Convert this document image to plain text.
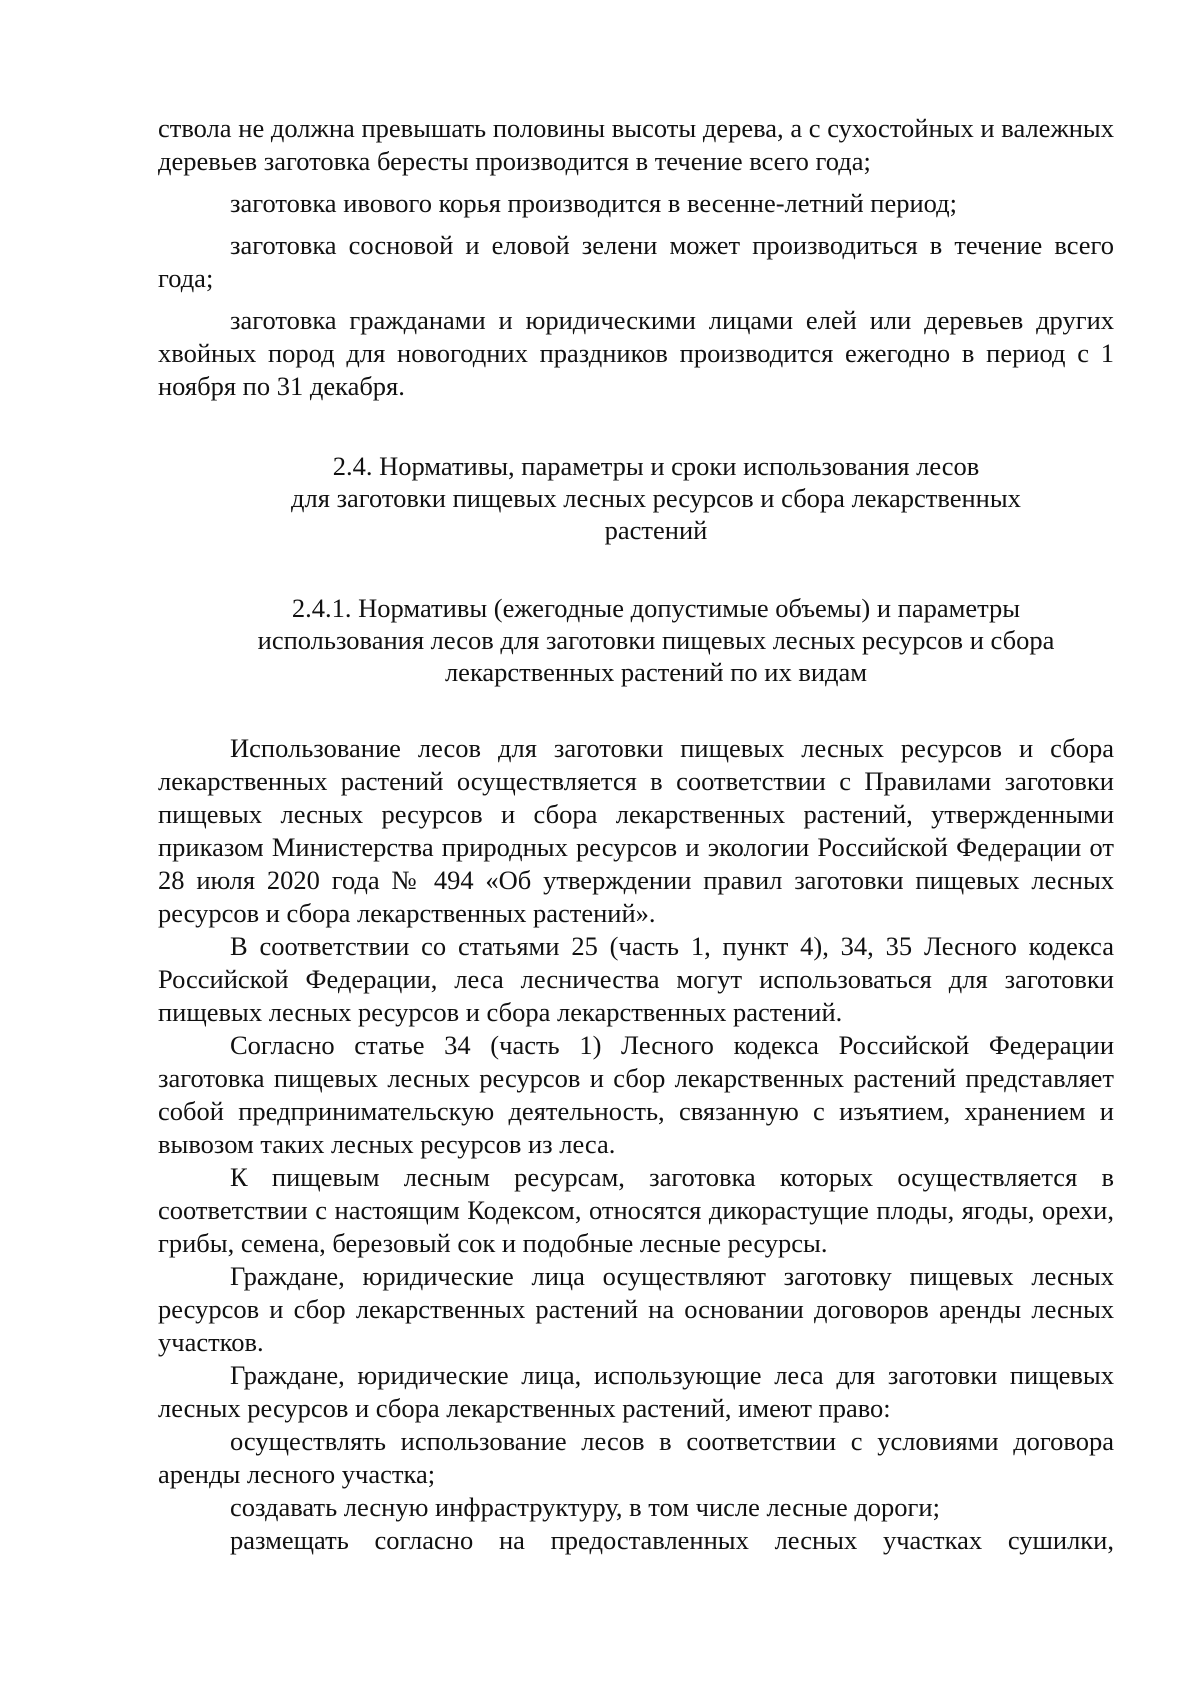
ствола не должна превышать половины высоты дерева, а с сухостойных и валежных деревьев заготовка бересты производится в течение всего года;

заготовка ивового корья производится в весенне-летний период;

заготовка сосновой и еловой зелени может производиться в течение всего года;

заготовка гражданами и юридическими лицами елей или деревьев других хвойных пород для новогодних праздников производится ежегодно в период с 1 ноября по 31 декабря.

2.4. Нормативы, параметры и сроки использования лесов
для заготовки пищевых лесных ресурсов и сбора лекарственных
растений
2.4.1. Нормативы (ежегодные допустимые объемы) и параметры
использования лесов для заготовки пищевых лесных ресурсов и сбора
лекарственных растений по их видам

Использование лесов для заготовки пищевых лесных ресурсов и сбора лекарственных растений осуществляется в соответствии с Правилами заготовки пищевых лесных ресурсов и сбора лекарственных растений, утвержденными приказом Министерства природных ресурсов и экологии Российской Федерации от 28 июля 2020 года № 494 «Об утверждении правил заготовки пищевых лесных ресурсов и сбора лекарственных растений».

В соответствии со статьями 25 (часть 1, пункт 4), 34, 35 Лесного кодекса Российской Федерации, леса лесничества могут использоваться для заготовки пищевых лесных ресурсов и сбора лекарственных растений.

Согласно статье 34 (часть 1) Лесного кодекса Российской Федерации заготовка пищевых лесных ресурсов и сбор лекарственных растений представляет собой предпринимательскую деятельность, связанную с изъятием, хранением и вывозом таких лесных ресурсов из леса.

К пищевым лесным ресурсам, заготовка которых осуществляется в соответствии с настоящим Кодексом, относятся дикорастущие плоды, ягоды, орехи, грибы, семена, березовый сок и подобные лесные ресурсы.

Граждане, юридические лица осуществляют заготовку пищевых лесных ресурсов и сбор лекарственных растений на основании договоров аренды лесных участков.

Граждане, юридические лица, использующие леса для заготовки пищевых лесных ресурсов и сбора лекарственных растений, имеют право:

осуществлять использование лесов в соответствии с условиями договора аренды лесного участка;

создавать лесную инфраструктуру, в том числе лесные дороги;

размещать согласно на предоставленных лесных участках сушилки,
